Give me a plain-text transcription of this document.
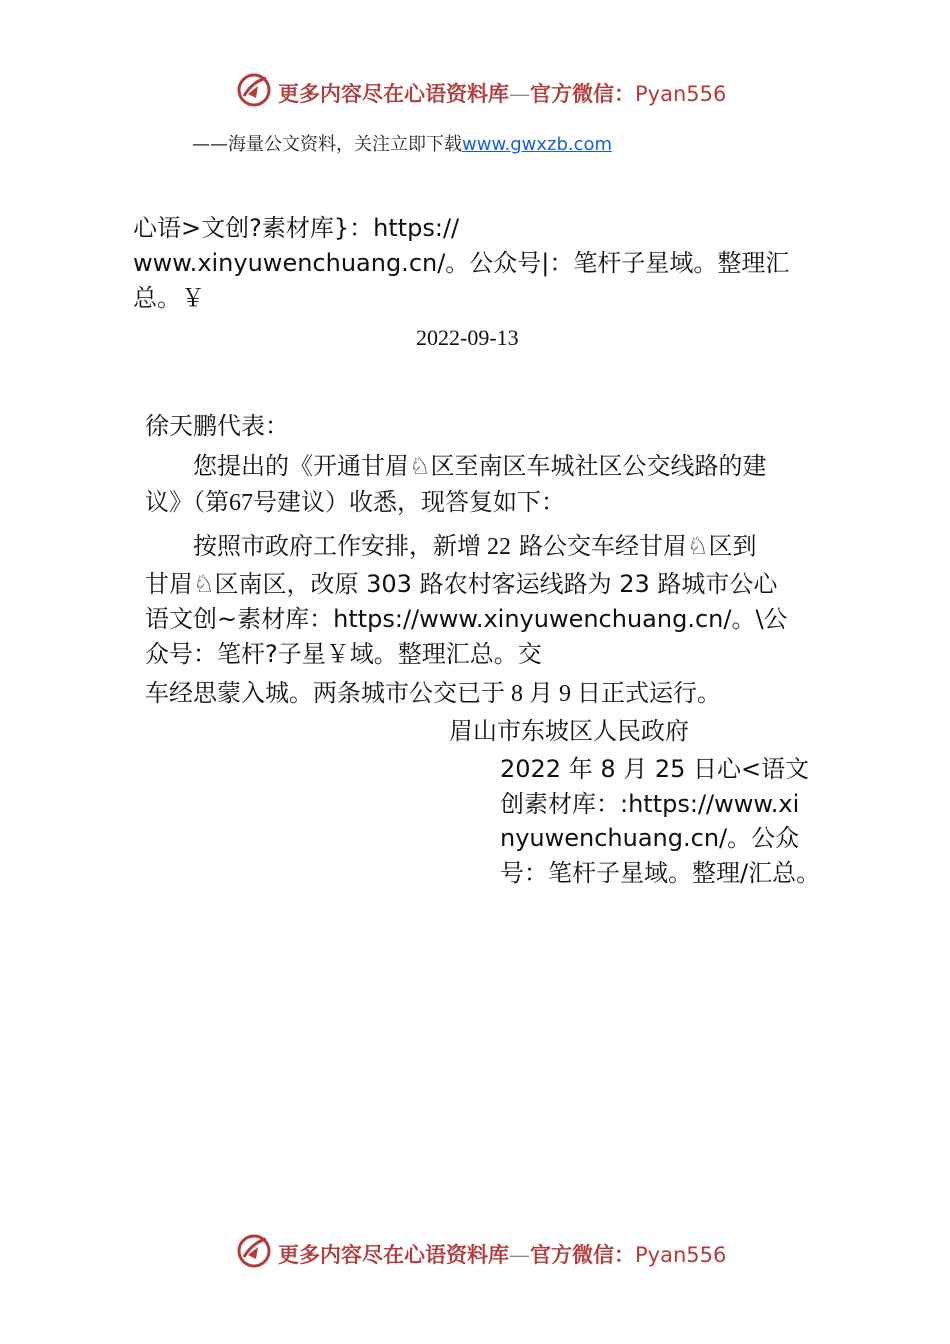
更多内容尽在心语资料库—官方微信：Pyan556
——海量公文资料，关注立即下载www.gwxzb.com
心语>文创?素材库}：https://
www.xinyuwenchuang.cn/。公众号|：笔杆子星域。整理汇
总。￥
2022-09-13
徐天鹏代表：
您提出的《开通甘眉♘区至南区车城社区公交线路的建
议》（第67号建议）收悉，现答复如下：
按照市政府工作安排，新增 22 路公交车经甘眉♘区到
甘眉♘区南区，改原 303 路农村客运线路为 23 路城市公心
语文创~素材库：https://www.xinyuwenchuang.cn/。\公
众号：笔杆?子星￥域。整理汇总。交
车经思蒙入城。两条城市公交已于 8 月 9 日正式运行。
眉山市东坡区人民政府
2022 年 8 月 25 日心<语文
创素材库：:https://www.xi
nyuwenchuang.cn/。公众
号：笔杆子星域。整理/汇总。
更多内容尽在心语资料库—官方微信：Pyan556
